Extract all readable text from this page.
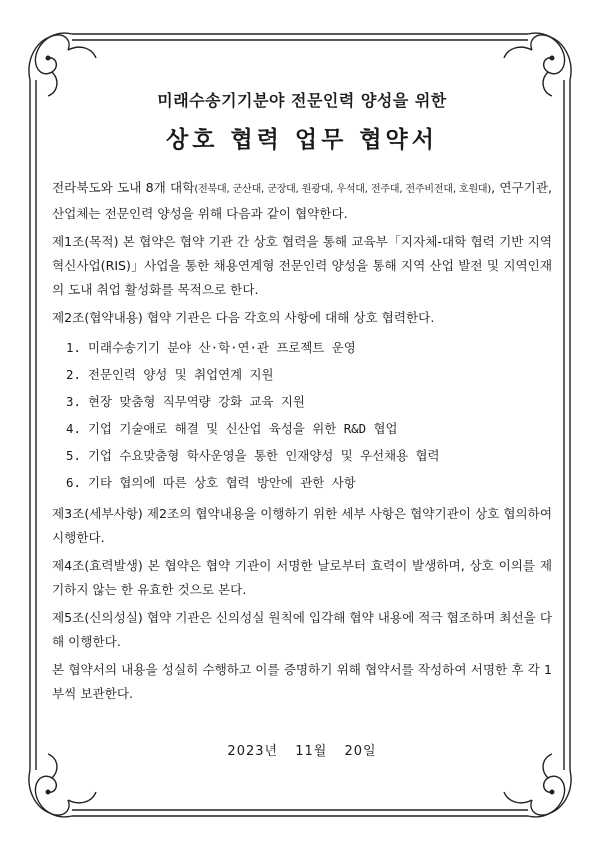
미래수송기기분야 전문인력 양성을 위한
상호 협력 업무 협약서

전라북도와 도내 8개 대학(전북대, 군산대, 군장대, 원광대, 우석대, 전주대, 전주비전대, 호원대), 연구기관, 산업체는 전문인력 양성을 위해 다음과 같이 협약한다.

제1조(목적) 본 협약은 협약 기관 간 상호 협력을 통해 교육부「지자체-대학 협력 기반 지역혁신사업(RIS)」사업을 통한 채용연계형 전문인력 양성을 통해 지역 산업 발전 및 지역인재의 도내 취업 활성화를 목적으로 한다.

제2조(협약내용) 협약 기관은 다음 각호의 사항에 대해 상호 협력한다.

1. 미래수송기기 분야 산·학·연·관 프로젝트 운영
2. 전문인력 양성 및 취업연계 지원
3. 현장 맞춤형 직무역량 강화 교육 지원
4. 기업 기술애로 해결 및 신산업 육성을 위한 R&D 협업
5. 기업 수요맞춤형 학사운영을 통한 인재양성 및 우선채용 협력
6. 기타 협의에 따른 상호 협력 방안에 관한 사항

제3조(세부사항) 제2조의 협약내용을 이행하기 위한 세부 사항은 협약기관이 상호 협의하여 시행한다.

제4조(효력발생) 본 협약은 협약 기관이 서명한 날로부터 효력이 발생하며, 상호 이의를 제기하지 않는 한 유효한 것으로 본다.

제5조(신의성실) 협약 기관은 신의성실 원칙에 입각해 협약 내용에 적극 협조하며 최선을 다해 이행한다.

본 협약서의 내용을 성실히 수행하고 이를 증명하기 위해 협약서를 작성하여 서명한 후 각 1부씩 보관한다.

2023년 11월 20일
